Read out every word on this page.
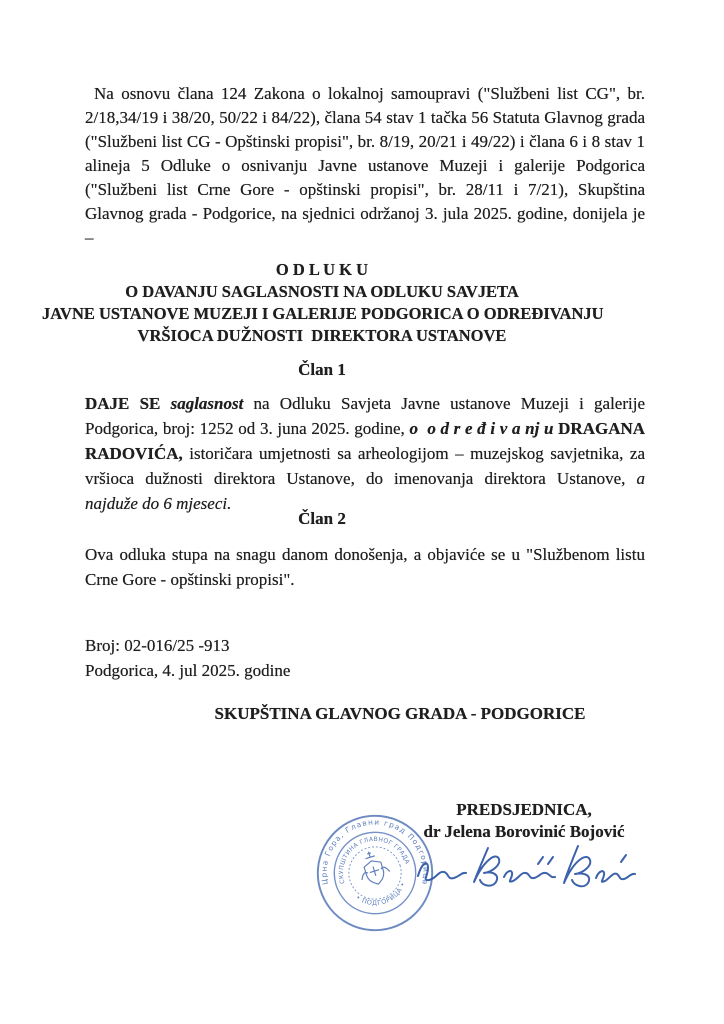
Na osnovu člana 124 Zakona o lokalnoj samoupravi ("Službeni list CG", br. 2/18,34/19 i 38/20, 50/22 i 84/22), člana 54 stav 1 tačka 56 Statuta Glavnog grada ("Službeni list CG - Opštinski propisi", br. 8/19, 20/21 i 49/22) i člana 6 i 8 stav 1 alineja 5 Odluke o osnivanju Javne ustanove Muzeji i galerije Podgorica ("Službeni list Crne Gore - opštinski propisi", br. 28/11 i 7/21), Skupština Glavnog grada - Podgorice, na sjednici održanoj 3. jula 2025. godine, donijela je –

O D L U K U
O DAVANJU SAGLASNOSTI NA ODLUKU SAVJETA
JAVNE USTANOVE MUZEJI I GALERIJE PODGORICA O ODREĐIVANJU
VRŠIOCA DUŽNOSTI  DIREKTORA USTANOVE
Član 1

DAJE SE saglasnost na Odluku Savjeta Javne ustanove Muzeji i galerije Podgorica, broj: 1252 od 3. juna 2025. godine, o  o d r e đ i v a nj u DRAGANA RADOVIĆA, istoričara umjetnosti sa arheologijom – muzejskog savjetnika, za vršioca dužnosti direktora Ustanove, do imenovanja direktora Ustanove, a najduže do 6 mjeseci.

Član 2

Ova odluka stupa na snagu danom donošenja, a objaviće se u "Službenom listu Crne Gore - opštinski propisi".

Broj: 02-016/25 -913
Podgorica, 4. jul 2025. godine
SKUPŠTINA GLAVNOG GRADA - PODGORICE
PREDSJEDNICA,
dr Jelena Borovinić Bojović
Црна Гора, Главни град Подгорица
СКУПШТИНА ГЛАВНОГ ГРАДА
• ПОДГОРИЦА •
